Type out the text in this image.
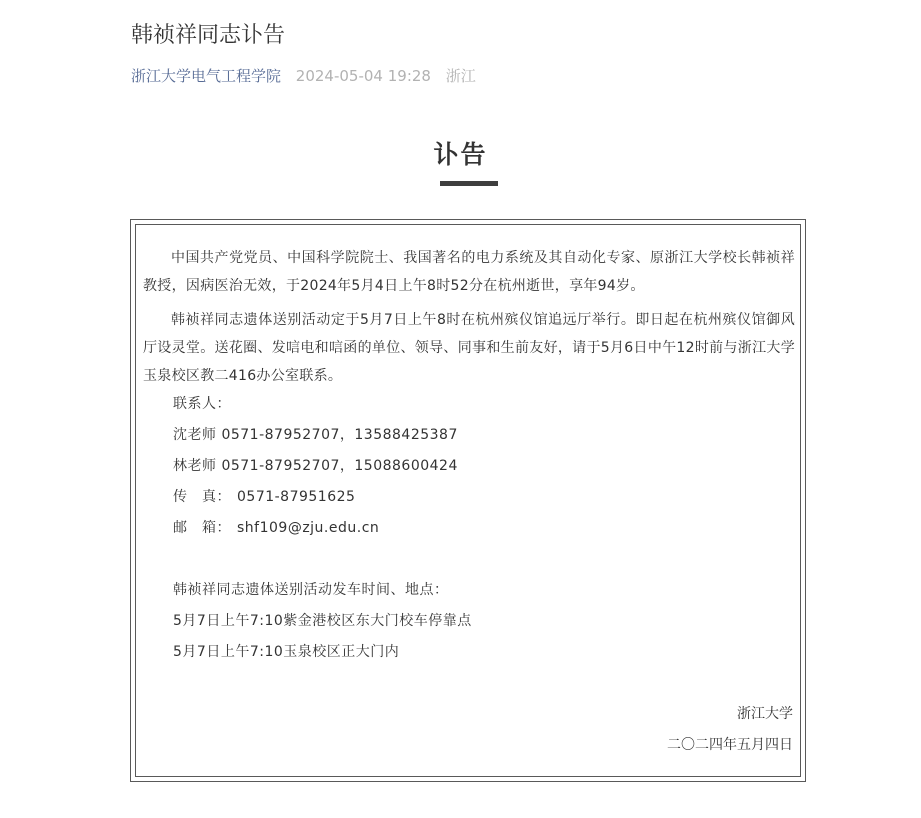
韩祯祥同志讣告
浙江大学电气工程学院 2024-05-04 19:28 浙江
讣告

中国共产党党员、中国科学院院士、我国著名的电力系统及其自动化专家、原浙江大学校长韩祯祥教授，因病医治无效，于2024年5月4日上午8时52分在杭州逝世，享年94岁。

韩祯祥同志遗体送别活动定于5月7日上午8时在杭州殡仪馆追远厅举行。即日起在杭州殡仪馆御风厅设灵堂。送花圈、发唁电和唁函的单位、领导、同事和生前友好，请于5月6日中午12时前与浙江大学玉泉校区教二416办公室联系。

联系人：
沈老师 0571-87952707，13588425387
林老师 0571-87952707，15088600424
传　真： 0571-87951625
邮　箱： shf109@zju.edu.cn
韩祯祥同志遗体送别活动发车时间、地点：
5月7日上午7:10紫金港校区东大门校车停靠点
5月7日上午7:10玉泉校区正大门内
浙江大学
二〇二四年五月四日
